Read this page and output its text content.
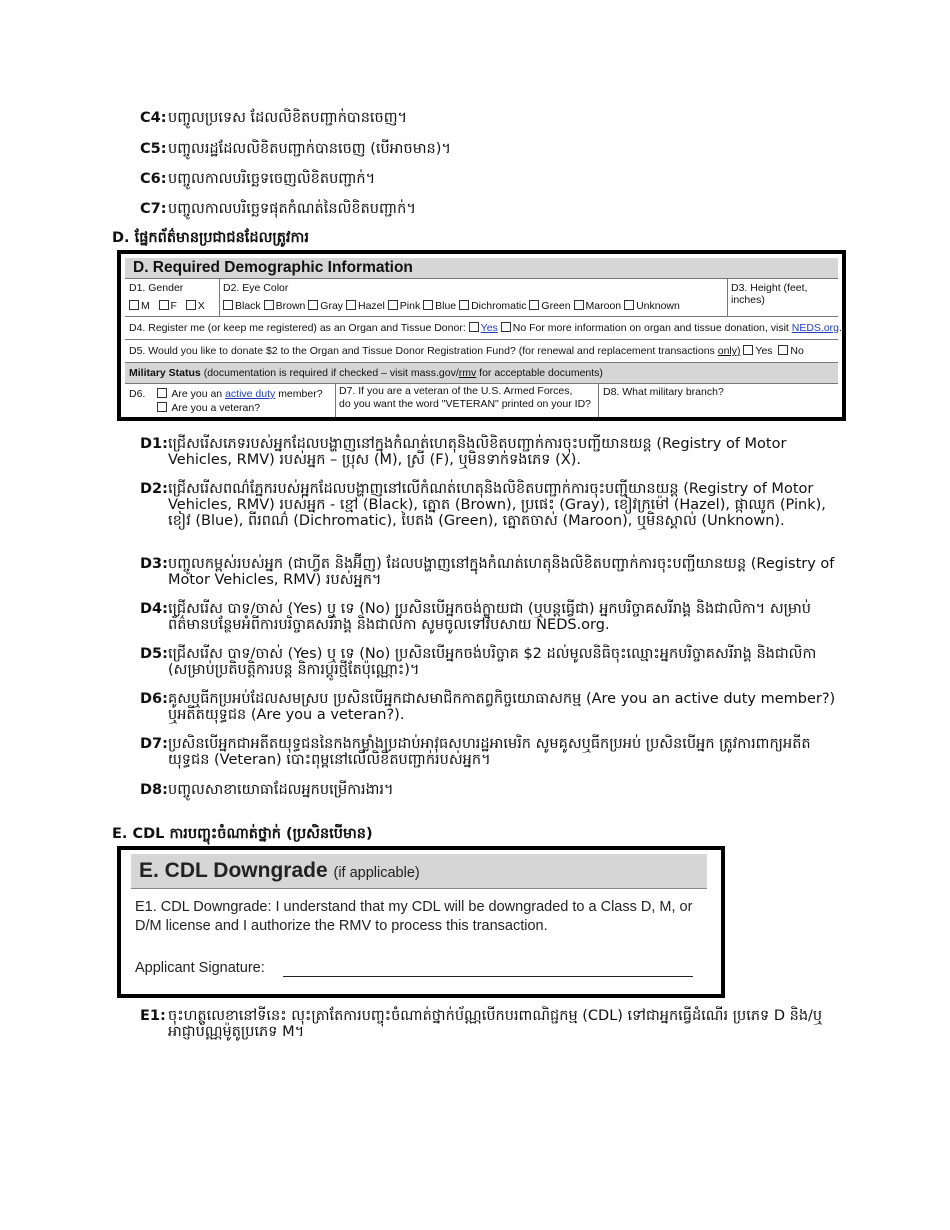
C4: បញ្ចូលប្រទេស ដែលលិខិតបញ្ជាក់បានចេញ។
C5: បញ្ចូលរដ្ឋដែលលិខិតបញ្ជាក់បានចេញ (បើអាចមាន)។
C6: បញ្ចូលកាលបរិច្ឆេទចេញលិខិតបញ្ជាក់។
C7: បញ្ចូលកាលបរិច្ឆេទផុតកំណត់នៃលិខិតបញ្ជាក់។
D. ផ្នែកព័ត៌មានប្រជាជនដែលត្រូវការ
D. Required Demographic Information
D1. Gender
M F X
D2. Eye Color
Black Brown Gray Hazel Pink Blue Dichromatic Green Maroon Unknown
D3. Height (feet, inches)
D4. Register me (or keep me registered) as an Organ and Tissue Donor: Yes No For more information on organ and tissue donation, visit NEDS.org.
D5. Would you like to donate $2 to the Organ and Tissue Donor Registration Fund? (for renewal and replacement transactions only) Yes No
Military Status (documentation is required if checked – visit mass.gov/rmv for acceptable documents)
D6.	Are you an active duty member?
Are you a veteran?
D7. If you are a veteran of the U.S. Armed Forces,
do you want the word "VETERAN" printed on your ID?
D8. What military branch?
D1: ជ្រើសរើសភេទរបស់អ្នកដែលបង្ហាញនៅក្នុងកំណត់ហេតុនិងលិខិតបញ្ជាក់ការចុះបញ្ជីយានយន្ត (Registry of Motor Vehicles, RMV) របស់អ្នក – ប្រុស (M), ស្រី (F), ឬមិនទាក់ទងភេទ (X).
D2: ជ្រើសរើសពណ៌ភ្នែករបស់អ្នកដែលបង្ហាញនៅលើកំណត់ហេតុនិងលិខិតបញ្ជាក់ការចុះបញ្ជីយានយន្ត (Registry of Motor Vehicles, RMV) របស់អ្នក - ខ្មៅ (Black), ត្នោត (Brown), ប្រផេះ (Gray), ខៀវក្រម៉ៅ (Hazel), ផ្កាឈូក (Pink), ខៀវ (Blue), ពីរពណ៌ (Dichromatic), បៃតង (Green), ត្នោតចាស់ (Maroon), ឬមិនស្គាល់ (Unknown).
D3: បញ្ចូលកម្ពស់របស់អ្នក (ជាហ្វីត និងអ៊ីញ) ដែលបង្ហាញនៅក្នុងកំណត់ហេតុនិងលិខិតបញ្ជាក់ការចុះបញ្ជីយានយន្ត (Registry of Motor Vehicles, RMV) របស់អ្នក។
D4: ជ្រើសរើស បាទ/ចាស់ (Yes) ឬ ទេ (No) ប្រសិនបើអ្នកចង់ក្លាយជា (ឬបន្តធ្វើជា) អ្នកបរិច្ចាគសរីរាង្គ និងជាលិកា។ សម្រាប់ព័ត៌មានបន្ថែមអំពីការបរិច្ចាគសរីរាង្គ និងជាលិកា សូមចូលទៅវិបសាយ NEDS.org.
D5: ជ្រើសរើស បាទ/ចាស់ (Yes) ឬ ទេ (No) ប្រសិនបើអ្នកចង់បរិច្ចាគ $2 ដល់មូលនិធិចុះឈ្មោះអ្នកបរិច្ចាគសរីរាង្គ និងជាលិកា (សម្រាប់ប្រតិបត្តិការបន្ត និការប្តូរថ្មីតែប៉ុណ្ណោះ)។
D6: គូសឬធីកប្រអប់ដែលសមស្រប ប្រសិនបើអ្នកជាសមាជិកកាតព្វកិច្ចយោធាសកម្ម (Are you an active duty member?) ឬអតីតយុទ្ធជន (Are you a veteran?).
D7: ប្រសិនបើអ្នកជាអតីតយុទ្ធជននៃកងកម្លាំងប្រដាប់អាវុធសហរដ្ឋអាមេរិក សូមគូសឬធីកប្រអប់ ប្រសិនបើអ្នក ត្រូវការពាក្យអតីតយុទ្ធជន (Veteran) បោះពុម្ពនៅលើលិខិតបញ្ជាក់របស់អ្នក។
D8: បញ្ចូលសាខាយោធាដែលអ្នកបម្រើការងារ។
E. CDL ការបញ្ចុះចំណាត់ថ្នាក់ (ប្រសិនបើមាន)
E. CDL Downgrade (if applicable)
E1. CDL Downgrade: I understand that my CDL will be downgraded to a Class D, M, or D/M license and I authorize the RMV to process this transaction.
Applicant Signature:
E1: ចុះហត្ថលេខានៅទីនេះ លុះត្រាតែការបញ្ចុះចំណាត់ថ្នាក់ប័ណ្ណបើកបរពាណិជ្ជកម្ម (CDL) ទៅជាអ្នកធ្វើដំណើរ ប្រភេទ D និង/ឬ អាជ្ញាប័ណ្ណម៉ូតូប្រភេទ M។
